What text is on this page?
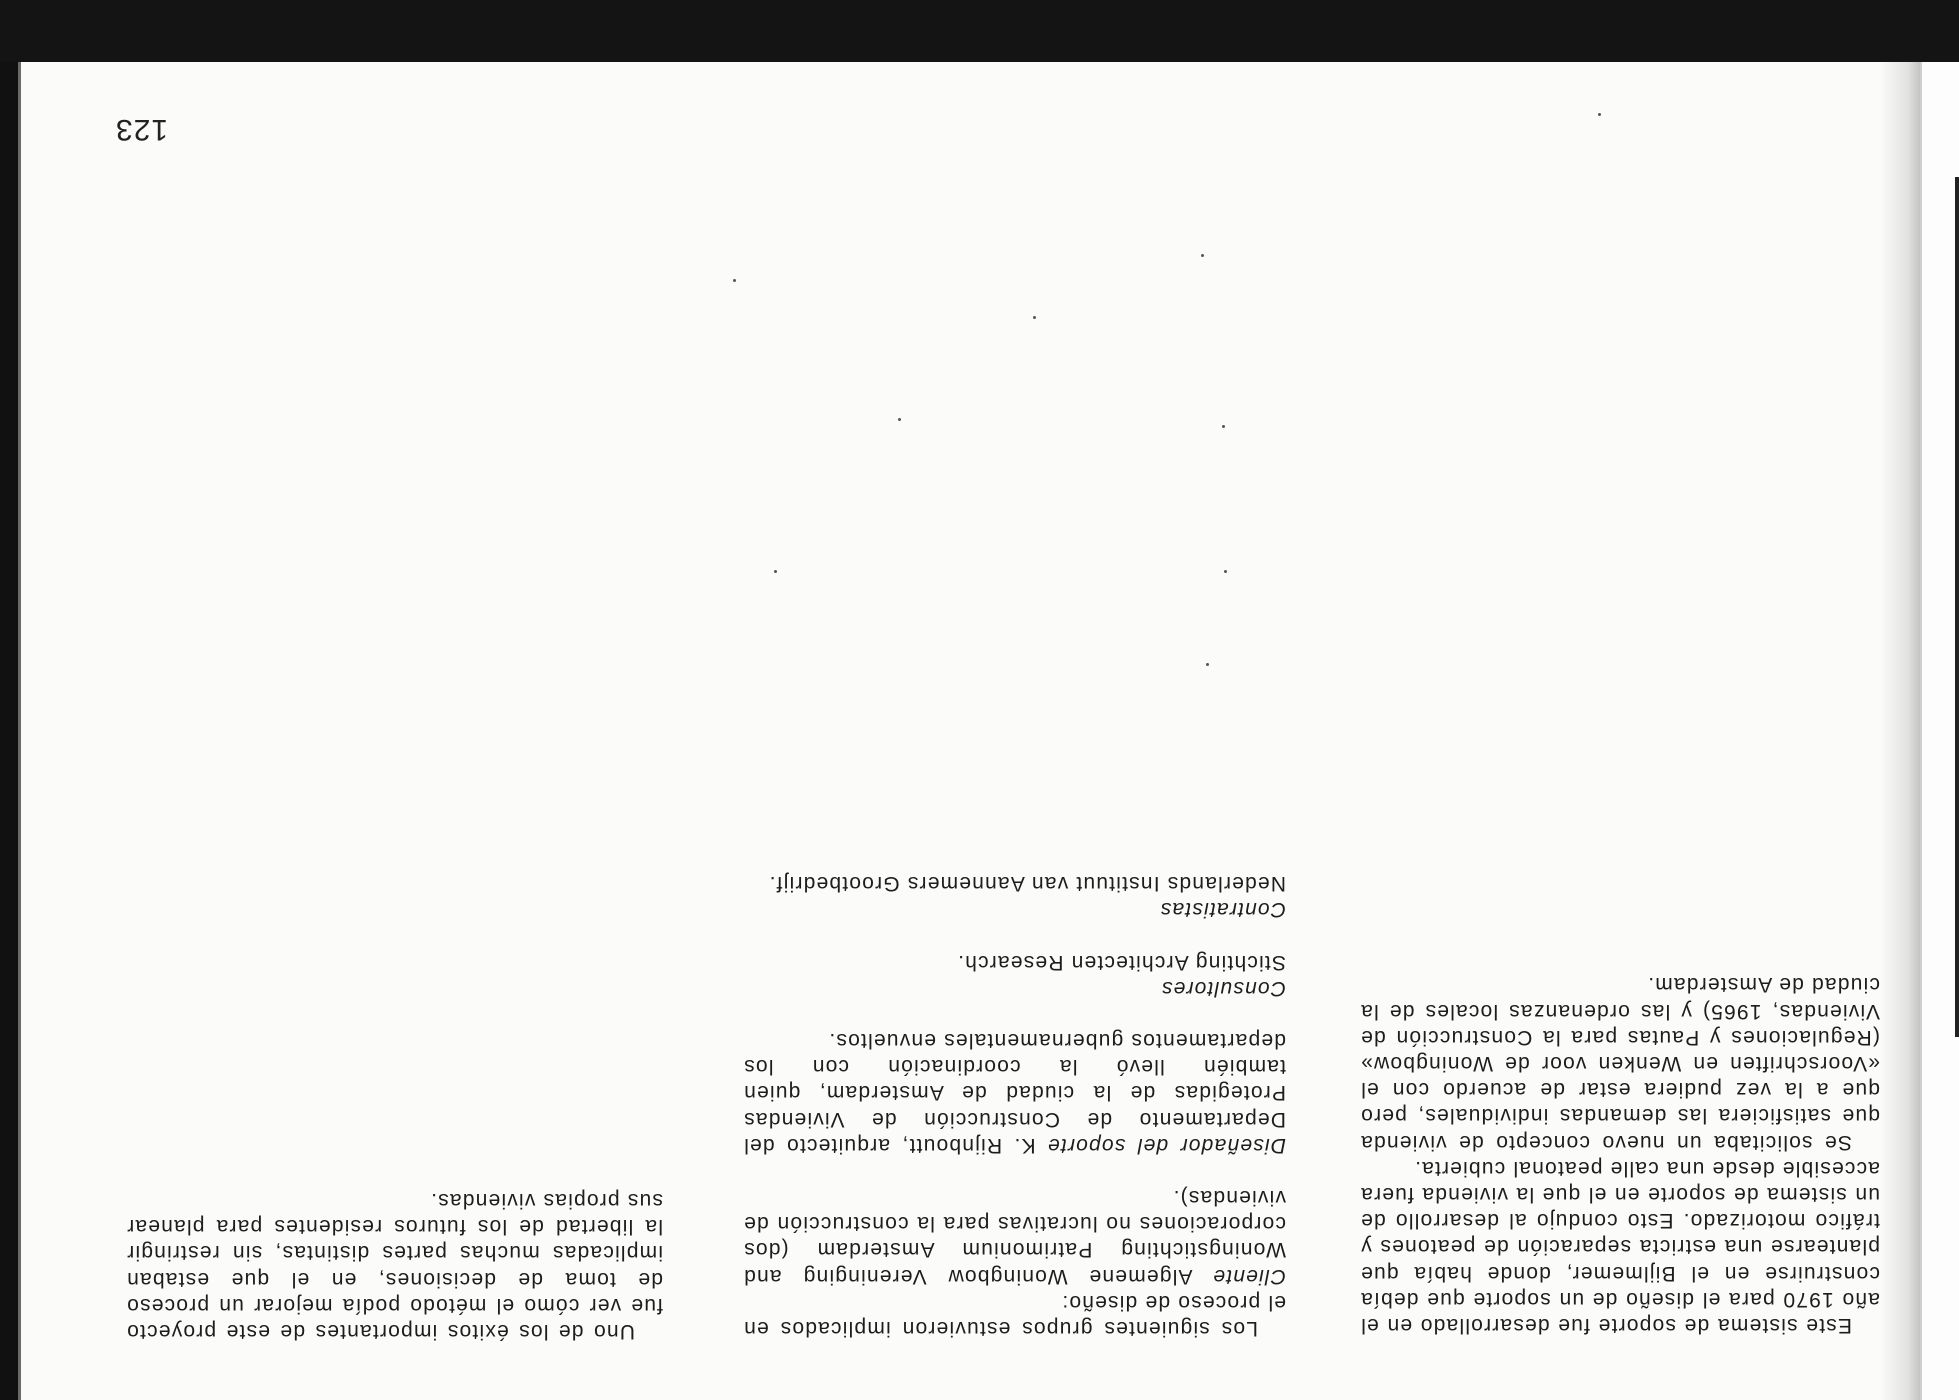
123

Este sistema de soporte fue desarrollado en el año 1970 para el diseño de un soporte que debía construirse en el Bijlmemer, donde había que plantearse una estricta separación de peatones y tráfico motorizado. Esto condujo al desarrollo de un sistema de soporte en el que la vivienda fuera accesible desde una calle peatonal cubierta.

Se solicitaba un nuevo concepto de vivienda que satisficiera las demandas individuales, pero que a la vez pudiera estar de acuerdo con el «Voorschriften en Wenken voor de Woningbow» (Regulaciones y Pautas para la Construcción de Viviendas, 1965) y las ordenanzas locales de la ciudad de Amsterdam.

Los siguientes grupos estuvieron implicados en el proceso de diseño:

Cliente Algemene Woningbow Vereninging and Woningstichting Patrimonium Amsterdam (dos corporaciones no lucrativas para la construcción de viviendas).

Diseñador del soporte K. Rijnboutt, arquitecto del Departamento de Construcción de Viviendas Protegidas de la ciudad de Amsterdam, quien también llevó la coordinación con los departamentos gubernamentales envueltos.

Consultores

Stichting Architecten Research.

Contratistas

Nederlands Instituut van Aannemers Grootbedrijf.

Uno de los éxitos importantes de este proyecto fue ver cómo el método podía mejorar un proceso de toma de decisiones, en el que estaban implicadas muchas partes distintas, sin restringir la libertad de los futuros residentes para planear sus propias viviendas.
